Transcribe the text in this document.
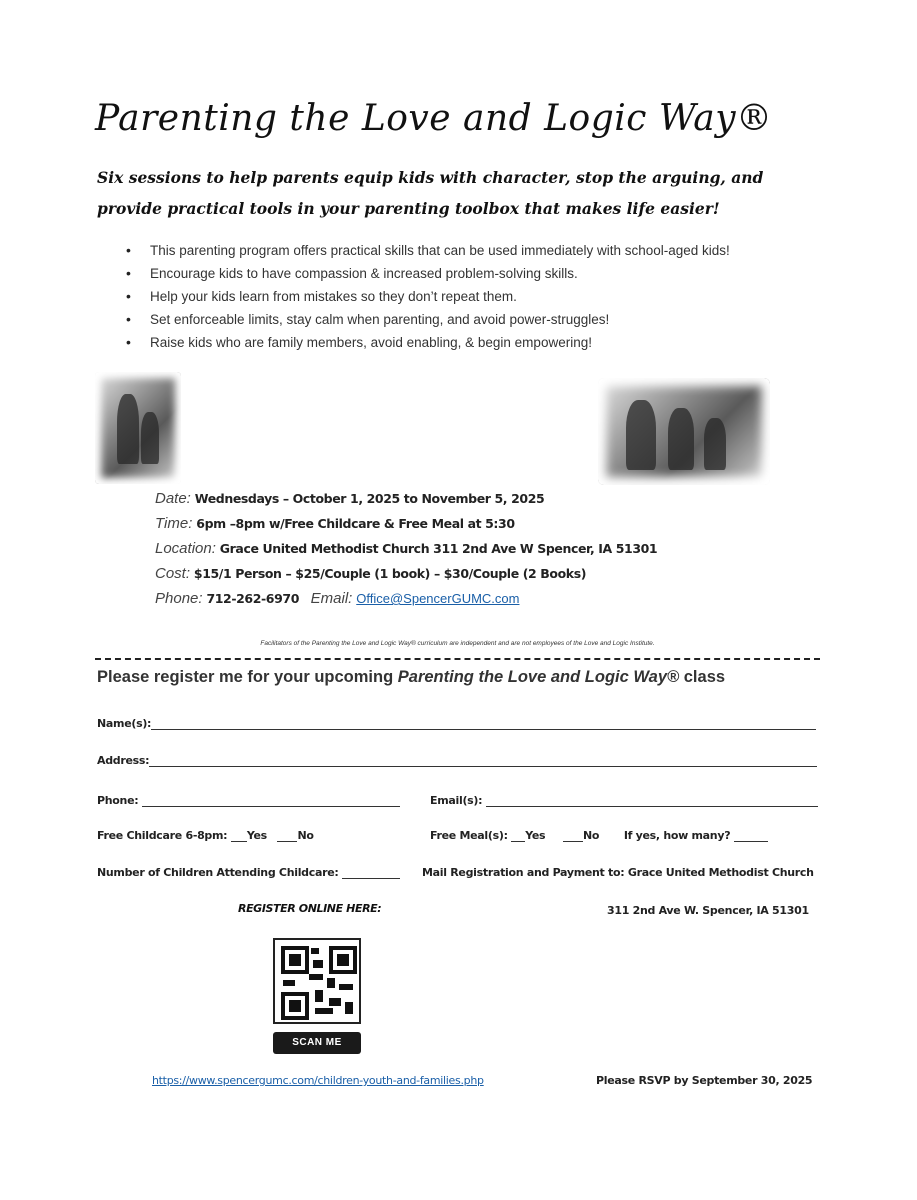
Parenting the Love and Logic Way®
Six sessions to help parents equip kids with character, stop the arguing, and provide practical tools in your parenting toolbox that makes life easier!
• This parenting program offers practical skills that can be used immediately with school-aged kids!
• Encourage kids to have compassion & increased problem-solving skills.
• Help your kids learn from mistakes so they don’t repeat them.
• Set enforceable limits, stay calm when parenting, and avoid power-struggles!
• Raise kids who are family members, avoid enabling, & begin empowering!
Date: Wednesdays – October 1, 2025 to November 5, 2025
Time: 6pm –8pm w/Free Childcare & Free Meal at 5:30
Location: Grace United Methodist Church 311 2nd Ave W Spencer, IA 51301
Cost: $15/1 Person – $25/Couple (1 book) – $30/Couple (2 Books)
Phone: 712-262-6970 Email: Office@SpencerGUMC.com
Facilitators of the Parenting the Love and Logic Way® curriculum are independent and are not employees of the Love and Logic Institute.
Please register me for your upcoming Parenting the Love and Logic Way® class
Name(s):
Address:
Phone:	Email(s):
Free Childcare 6-8pm: Yes	No	Free Meal(s): Yes	No If yes, how many?
Number of Children Attending Childcare:	Mail Registration and Payment to: Grace United Methodist Church
REGISTER ONLINE HERE:	311 2nd Ave W. Spencer, IA 51301
SCAN ME
https://www.spencergumc.com/children-youth-and-families.php	Please RSVP by September 30, 2025
